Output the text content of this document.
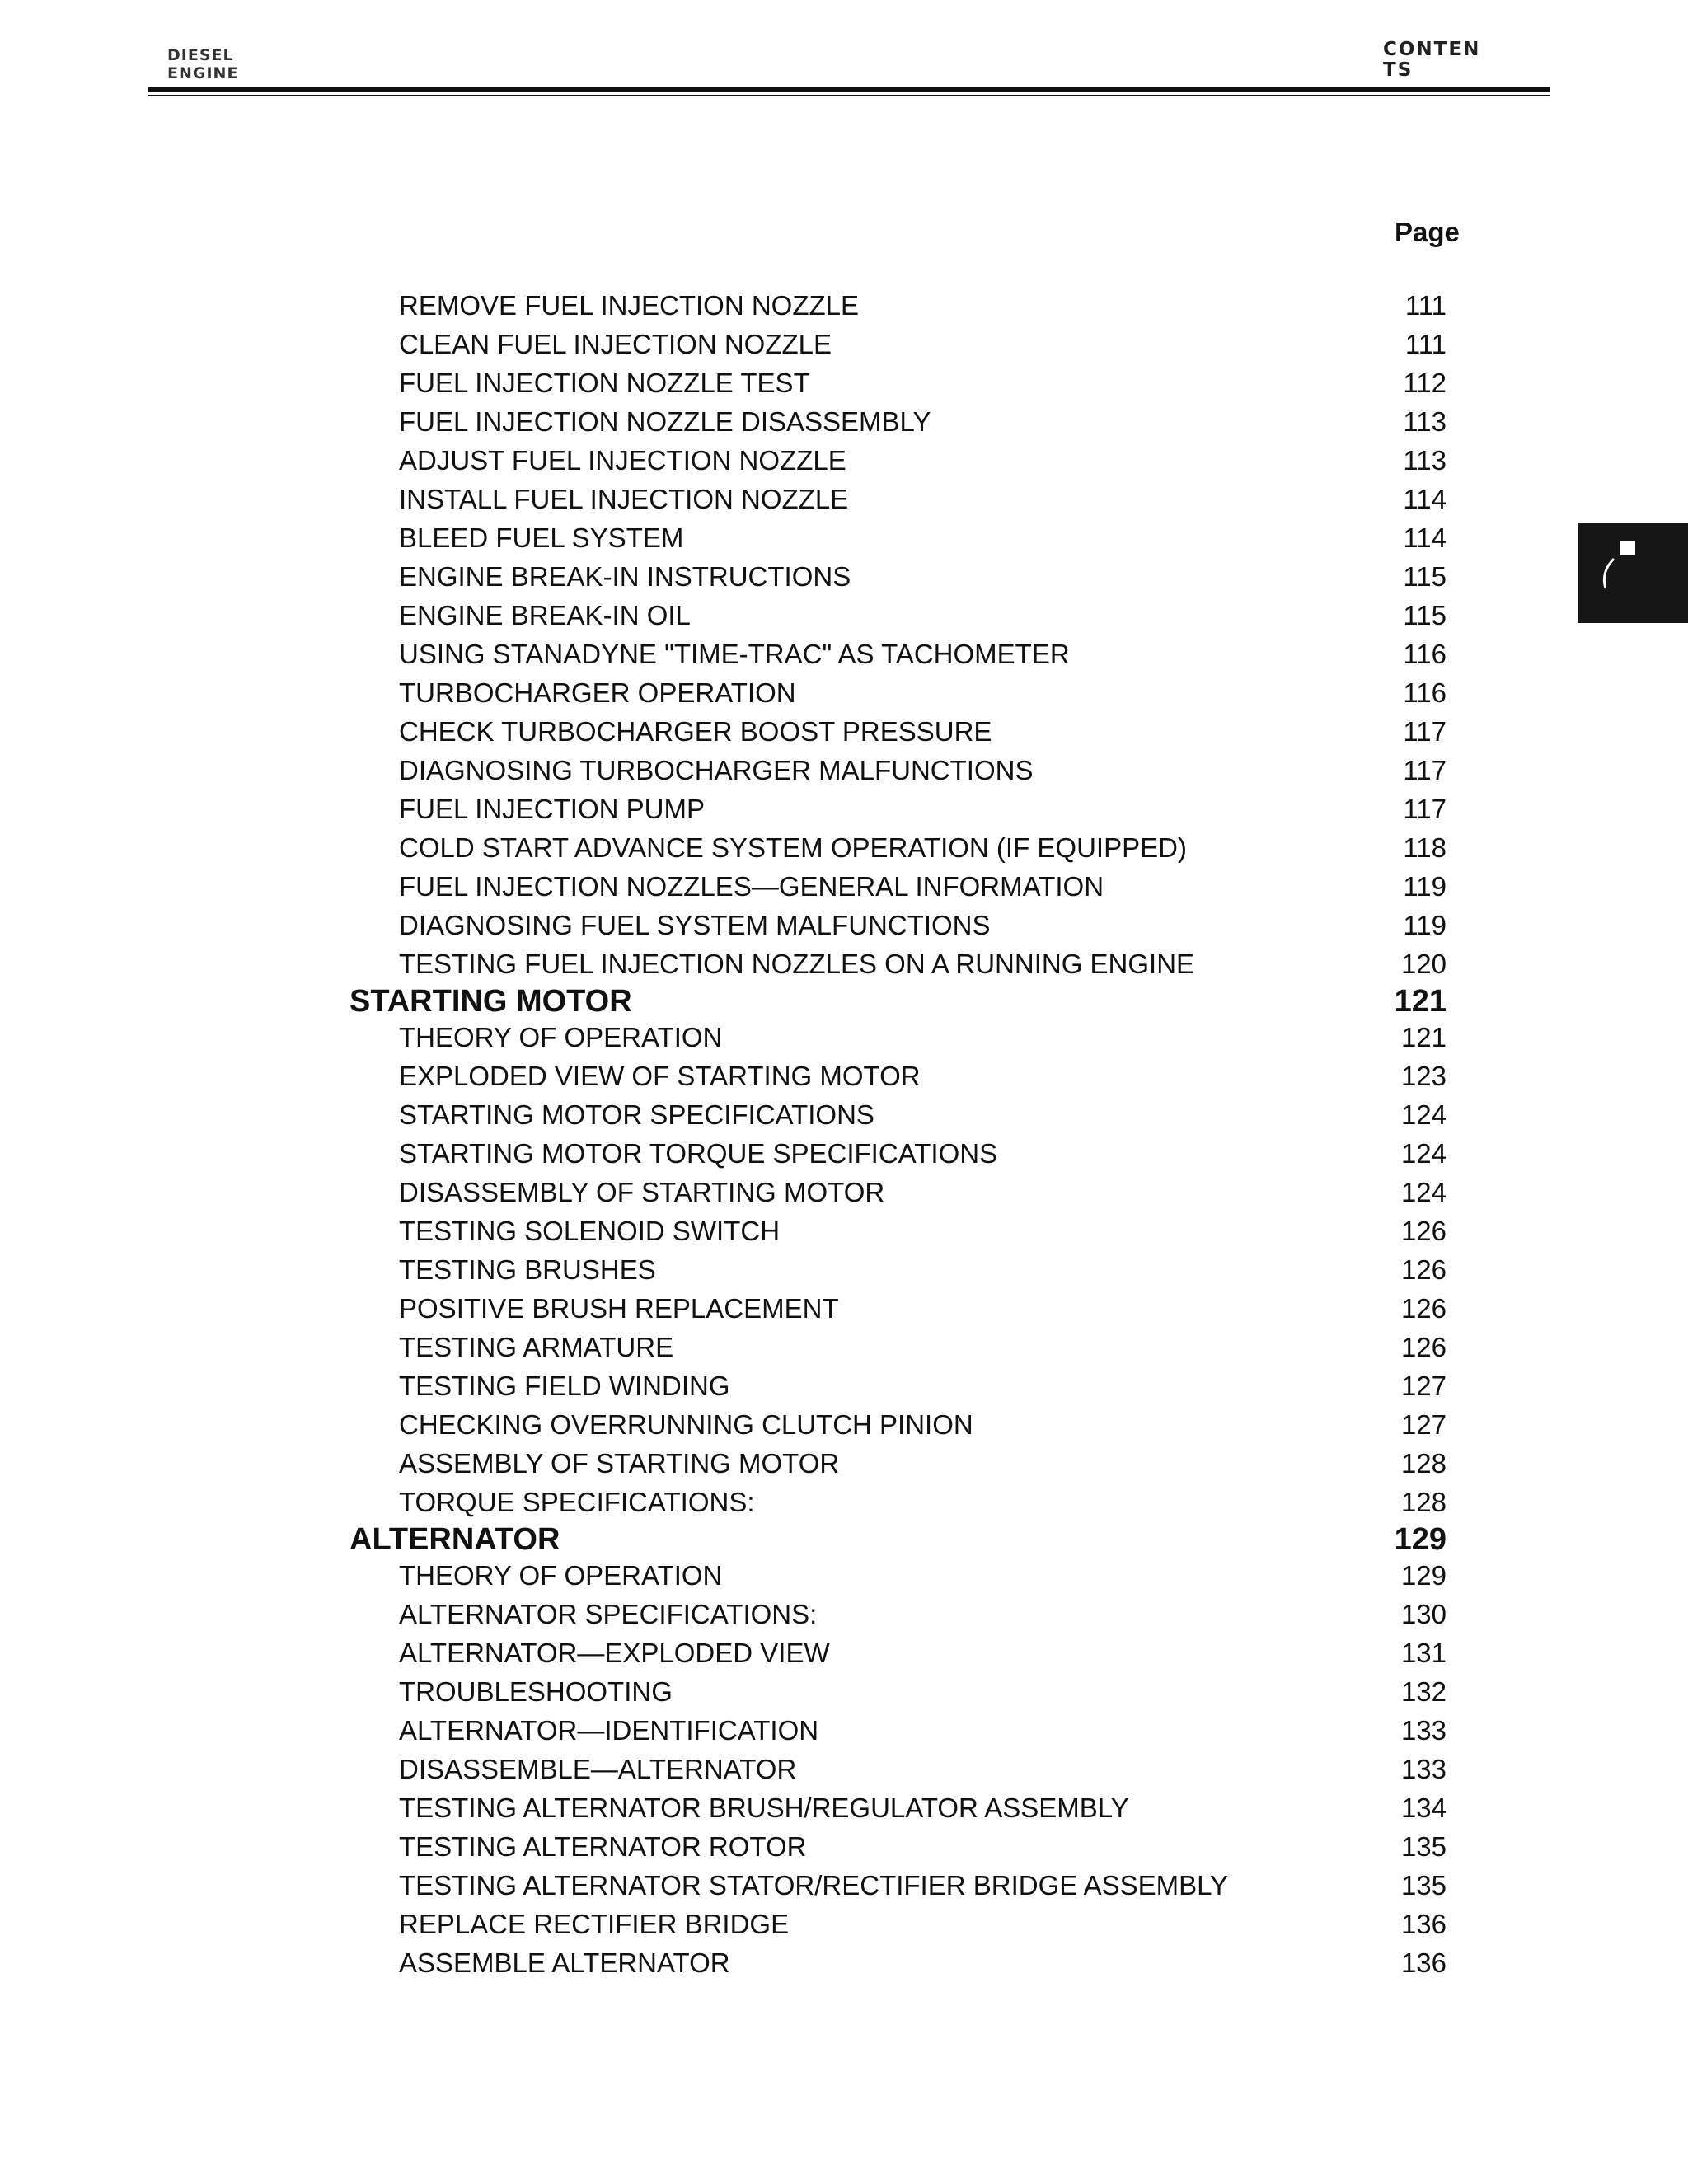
DIESEL
ENGINE
CONTEN
TS
Page
REMOVE FUEL INJECTION NOZZLE	111
CLEAN FUEL INJECTION NOZZLE	111
FUEL INJECTION NOZZLE TEST	112
FUEL INJECTION NOZZLE DISASSEMBLY	113
ADJUST FUEL INJECTION NOZZLE	113
INSTALL FUEL INJECTION NOZZLE	114
BLEED FUEL SYSTEM	114
ENGINE BREAK-IN INSTRUCTIONS	115
ENGINE BREAK-IN OIL	115
USING STANADYNE "TIME-TRAC" AS TACHOMETER	116
TURBOCHARGER OPERATION	116
CHECK TURBOCHARGER BOOST PRESSURE	117
DIAGNOSING TURBOCHARGER MALFUNCTIONS	117
FUEL INJECTION PUMP	117
COLD START ADVANCE SYSTEM OPERATION (IF EQUIPPED)	118
FUEL INJECTION NOZZLES—GENERAL INFORMATION	119
DIAGNOSING FUEL SYSTEM MALFUNCTIONS	119
TESTING FUEL INJECTION NOZZLES ON A RUNNING ENGINE	120
STARTING MOTOR	121
THEORY OF OPERATION	121
EXPLODED VIEW OF STARTING MOTOR	123
STARTING MOTOR SPECIFICATIONS	124
STARTING MOTOR TORQUE SPECIFICATIONS	124
DISASSEMBLY OF STARTING MOTOR	124
TESTING SOLENOID SWITCH	126
TESTING BRUSHES	126
POSITIVE BRUSH REPLACEMENT	126
TESTING ARMATURE	126
TESTING FIELD WINDING	127
CHECKING OVERRUNNING CLUTCH PINION	127
ASSEMBLY OF STARTING MOTOR	128
TORQUE SPECIFICATIONS:	128
ALTERNATOR	129
THEORY OF OPERATION	129
ALTERNATOR SPECIFICATIONS:	130
ALTERNATOR—EXPLODED VIEW	131
TROUBLESHOOTING	132
ALTERNATOR—IDENTIFICATION	133
DISASSEMBLE—ALTERNATOR	133
TESTING ALTERNATOR BRUSH/REGULATOR ASSEMBLY	134
TESTING ALTERNATOR ROTOR	135
TESTING ALTERNATOR STATOR/RECTIFIER BRIDGE ASSEMBLY	135
REPLACE RECTIFIER BRIDGE	136
ASSEMBLE ALTERNATOR	136
